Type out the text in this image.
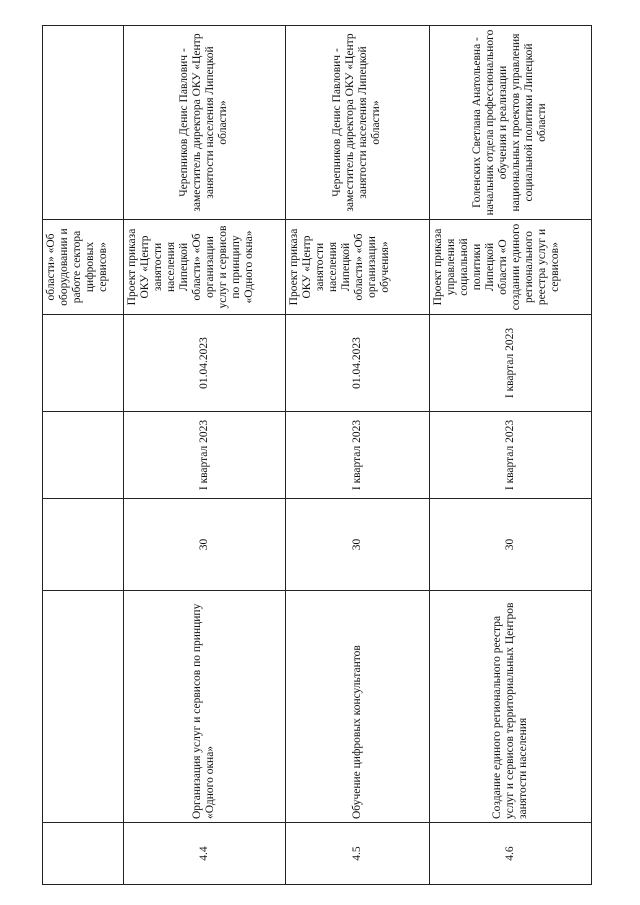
					области» «Об оборудовании и работе сектора цифровых сервисов»	

4.4	Организация услуг и сервисов по принципу «Одного окна»	30	I квартал 2023	01.04.2023	Проект приказа ОКУ «Центр занятости населения Липецкой области» «Об организации услуг и сервисов по принципу «Одного окна»	Черепников Денис Павлович - заместитель директора ОКУ «Центр занятости населения Липецкой области»
4.5	Обучение цифровых консультантов	30	I квартал 2023	01.04.2023	Проект приказа ОКУ «Центр занятости населения Липецкой области» «Об организации обучения»	Черепников Денис Павлович - заместитель директора ОКУ «Центр занятости населения Липецкой области»
4.6	Создание единого регионального реестра услуг и сервисов территориальных Центров занятости населения	30	I квартал 2023	I квартал 2023	Проект приказа управления социальной политики Липецкой области «О создании единого регионального реестра услуг и сервисов»	Голенских Светлана Анатольевна - начальник отдела профессионального обучения и реализации национальных проектов управления социальной политики Липецкой области
